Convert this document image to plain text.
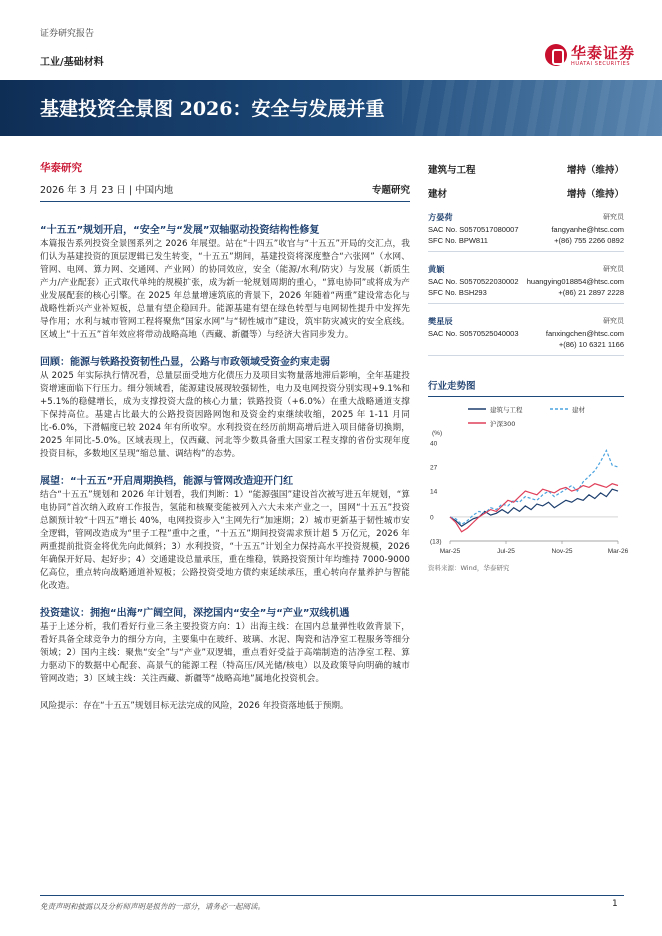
证券研究报告
工业/基础材料
华泰证券
HUATAI SECURITIES
基建投资全景图 2026：安全与发展并重
华泰研究
2026 年 3 月 23 日 | 中国内地	专题研究
“十五五”规划开启，“安全”与“发展”双轴驱动投资结构性修复
本篇报告系列投资全景图系列之 2026 年展望。站在“十四五”收官与“十五五”开局的交汇点，我们认为基建投资的顶层逻辑已发生转变，“十五五”期间，基建投资将深度整合“六张网”（水网、管网、电网、算力网、交通网、产业网）的协同效应，安全（能源/水利/防灾）与发展（新质生产力/产业配套）正式取代单纯的规模扩张，成为新一轮规划周期的重心，“算电协同”或将成为产业发展配套的核心引擎。在 2025 年总量增速筑底的背景下，2026 年随着“两重”建设常态化与战略性新兴产业补短板，总量有望企稳回升。能源基建有望在绿色转型与电网韧性提升中发挥先导作用；水利与城市管网工程将聚焦“国家水网”与“韧性城市”建设，筑牢防灾减灾的安全底线。区域上“十五五”首年效应将带动战略高地（西藏、新疆等）与经济大省同步发力。
回顾：能源与铁路投资韧性凸显，公路与市政领域受资金约束走弱
从 2025 年实际执行情况看，总量层面受地方化债压力及项目实物量落地滞后影响，全年基建投资增速面临下行压力。细分领域看，能源建设展现较强韧性，电力及电网投资分别实现+9.1%和+5.1%的稳健增长，成为支撑投资大盘的核心力量；铁路投资（+6.0%）在重大战略通道支撑下保持高位。基建占比最大的公路投资因路网饱和及资金约束继续收缩，2025 年 1-11 月同比-6.0%，下滑幅度已较 2024 年有所收窄。水利投资在经历前期高增后进入项目储备切换期，2025 年同比-5.0%。区域表现上，仅西藏、河北等少数具备重大国家工程支撑的省份实现年度投资目标，多数地区呈现“缩总量、调结构”的态势。
展望：“十五五”开启周期换档，能源与管网改造迎开门红
结合“十五五”规划和 2026 年计划看，我们判断：1）“能源强国”建设首次被写进五年规划，“算电协同”首次纳入政府工作报告，氢能和核聚变能被列入六大未来产业之一，国网“十五五”投资总额预计较“十四五”增长 40%，电网投资步入“主网先行”加速期；2）城市更新基于韧性城市安全逻辑，管网改造成为“里子工程”重中之重，“十五五”期间投资需求预计超 5 万亿元，2026 年两重提前批资金将优先向此倾斜；3）水利投资，“十五五”计划全力保持高水平投资规模，2026 年确保开好局、起好步；4）交通建设总量承压，重在维稳，铁路投资预计年均维持 7000-9000 亿高位，重点转向战略通道补短板；公路投资受地方债约束延续承压，重心转向存量养护与智能化改造。
投资建议：拥抱“出海”广阔空间，深挖国内“安全”与“产业”双线机遇
基于上述分析，我们看好行业三条主要投资方向：1）出海主线：在国内总量弹性收敛背景下，看好具备全球竞争力的细分方向，主要集中在玻纤、玻璃、水泥、陶瓷和洁净室工程服务等细分领域；2）国内主线：聚焦“安全”与“产业”双逻辑，重点看好受益于高端制造的洁净室工程、算力驱动下的数据中心配套、高景气的能源工程（特高压/风光储/核电）以及政策导向明确的城市管网改造；3）区域主线：关注西藏、新疆等“战略高地”属地化投资机会。
风险提示：存在“十五五”规划目标无法完成的风险，2026 年投资落地低于预期。
建筑与工程	增持（维持）
建材	增持（维持）
方晏荷	研究员
SAC No. S0570517080007	fangyanhe@htsc.com
SFC No. BPW811	+(86) 755 2266 0892
黄颖	研究员
SAC No. S0570522030002 huangying018854@htsc.com
SFC No. BSH293	+(86) 21 2897 2228
樊星辰	研究员
SAC No. S0570525040003	fanxingchen@htsc.com
+(86) 10 6321 1166
行业走势图
建筑与工程	建材
沪深300
(%)
40
27
14
0
(13)
Mar-25	Jul-25	Nov-25	Mar-26
资料来源：Wind，华泰研究
免责声明和披露以及分析师声明是报告的一部分，请务必一起阅读。	1
